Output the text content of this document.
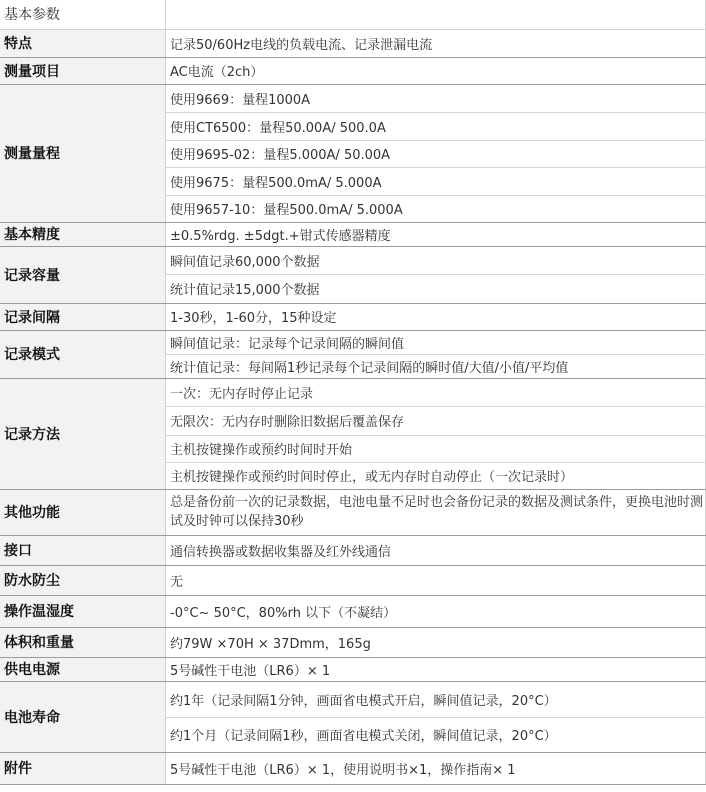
基本参数	
特点	记录50/60Hz电线的负载电流、记录泄漏电流
测量项目	AC电流（2ch）
测量量程	使用9669：量程1000A
	使用CT6500：量程50.00A/ 500.0A
	使用9695-02：量程5.000A/ 50.00A
	使用9675：量程500.0mA/ 5.000A
	使用9657-10：量程500.0mA/ 5.000A
基本精度	±0.5%rdg. ±5dgt.+钳式传感器精度
记录容量	瞬间值记录60,000个数据
	统计值记录15,000个数据
记录间隔	1-30秒，1-60分，15种设定
记录模式	瞬间值记录：记录每个记录间隔的瞬间值
	统计值记录：每间隔1秒记录每个记录间隔的瞬时值/大值/小值/平均值
记录方法	一次：无内存时停止记录
	无限次：无内存时删除旧数据后覆盖保存
	主机按键操作或预约时间时开始
	主机按键操作或预约时间时停止，或无内存时自动停止（一次记录时）
其他功能	总是备份前一次的记录数据，电池电量不足时也会备份记录的数据及测试条件，更换电池时测试及时钟可以保持30秒
接口	通信转换器或数据收集器及红外线通信
防水防尘	无
操作温湿度	-0°C~ 50°C，80%rh 以下（不凝结）
体积和重量	约79W ×70H × 37Dmm，165g
供电电源	5号碱性干电池（LR6）× 1
电池寿命	约1年（记录间隔1分钟，画面省电模式开启，瞬间值记录，20°C）
	约1个月（记录间隔1秒，画面省电模式关闭，瞬间值记录，20°C）
附件	5号碱性干电池（LR6）× 1，使用说明书×1，操作指南× 1
